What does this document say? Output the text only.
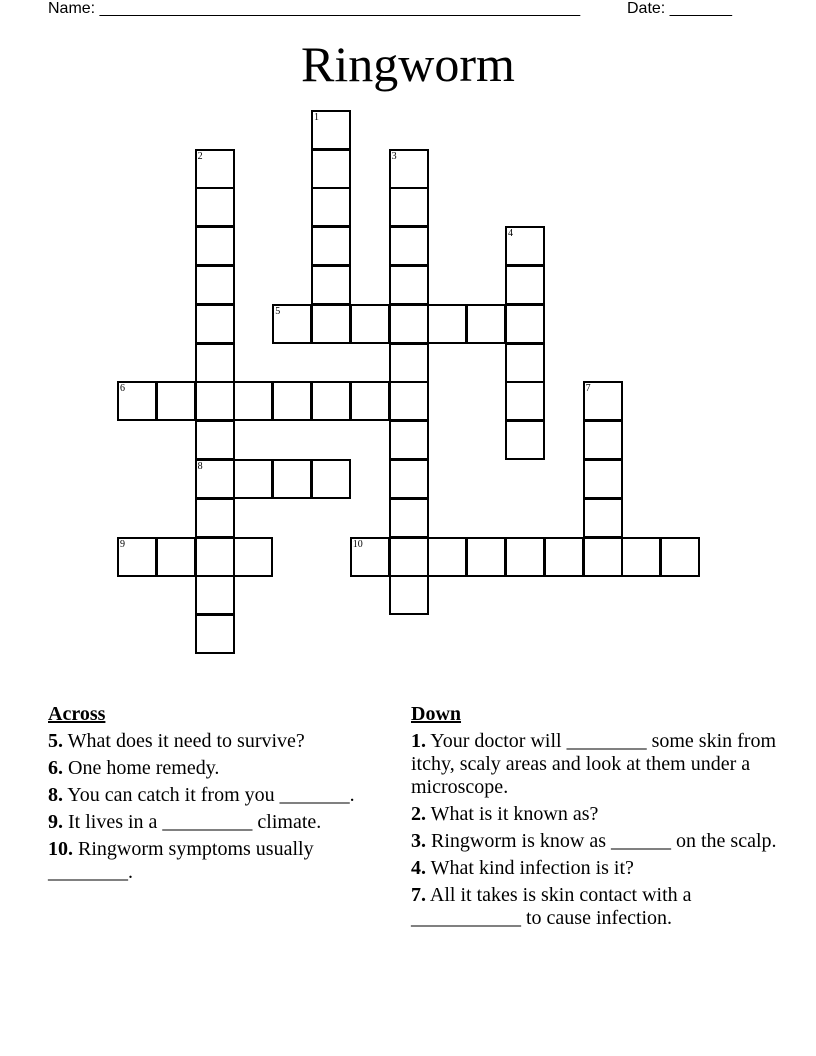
Name: ______________________________________________________	Date: _______
Ringworm
1
2	3
4
5
6	7
8
9	10
Across
5. What does it need to survive?
6. One home remedy.
8. You can catch it from you _______.
9. It lives in a _________ climate.
10. Ringworm symptoms usually ________.
Down
1. Your doctor will ________ some skin from itchy, scaly areas and look at them under a microscope.
2. What is it known as?
3. Ringworm is know as ______ on the scalp.
4. What kind infection is it?
7. All it takes is skin contact with a ___________ to cause infection.
